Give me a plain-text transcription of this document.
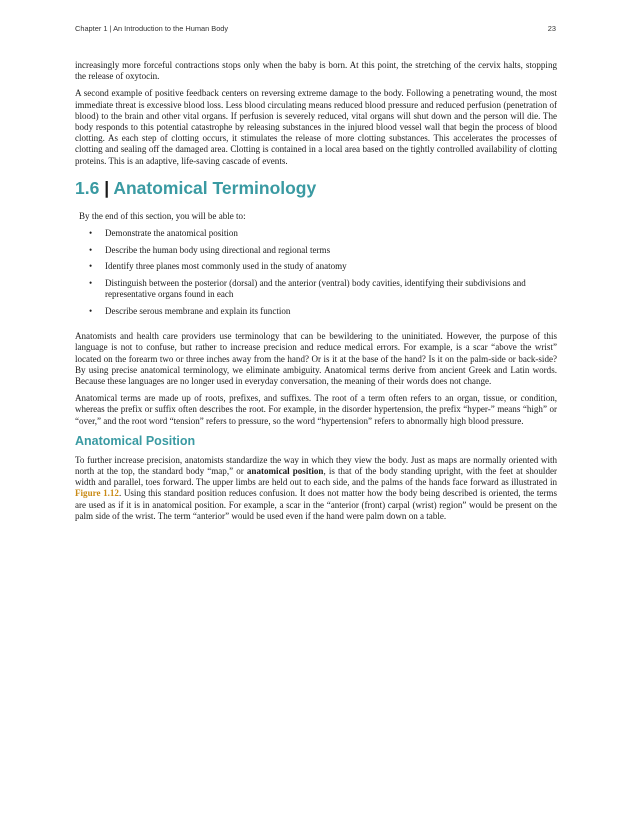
Chapter 1 | An Introduction to the Human Body	23

increasingly more forceful contractions stops only when the baby is born. At this point, the stretching of the cervix halts, stopping the release of oxytocin.

A second example of positive feedback centers on reversing extreme damage to the body. Following a penetrating wound, the most immediate threat is excessive blood loss. Less blood circulating means reduced blood pressure and reduced perfusion (penetration of blood) to the brain and other vital organs. If perfusion is severely reduced, vital organs will shut down and the person will die. The body responds to this potential catastrophe by releasing substances in the injured blood vessel wall that begin the process of blood clotting. As each step of clotting occurs, it stimulates the release of more clotting substances. This accelerates the processes of clotting and sealing off the damaged area. Clotting is contained in a local area based on the tightly controlled availability of clotting proteins. This is an adaptive, life-saving cascade of events.

1.6 | Anatomical Terminology
By the end of this section, you will be able to:
• Demonstrate the anatomical position
• Describe the human body using directional and regional terms
• Identify three planes most commonly used in the study of anatomy
• Distinguish between the posterior (dorsal) and the anterior (ventral) body cavities, identifying their subdivisions and representative organs found in each
• Describe serous membrane and explain its function

Anatomists and health care providers use terminology that can be bewildering to the uninitiated. However, the purpose of this language is not to confuse, but rather to increase precision and reduce medical errors. For example, is a scar “above the wrist” located on the forearm two or three inches away from the hand? Or is it at the base of the hand? Is it on the palm-side or back-side? By using precise anatomical terminology, we eliminate ambiguity. Anatomical terms derive from ancient Greek and Latin words. Because these languages are no longer used in everyday conversation, the meaning of their words does not change.

Anatomical terms are made up of roots, prefixes, and suffixes. The root of a term often refers to an organ, tissue, or condition, whereas the prefix or suffix often describes the root. For example, in the disorder hypertension, the prefix “hyper-” means “high” or “over,” and the root word “tension” refers to pressure, so the word “hypertension” refers to abnormally high blood pressure.

Anatomical Position

To further increase precision, anatomists standardize the way in which they view the body. Just as maps are normally oriented with north at the top, the standard body “map,” or anatomical position, is that of the body standing upright, with the feet at shoulder width and parallel, toes forward. The upper limbs are held out to each side, and the palms of the hands face forward as illustrated in Figure 1.12. Using this standard position reduces confusion. It does not matter how the body being described is oriented, the terms are used as if it is in anatomical position. For example, a scar in the “anterior (front) carpal (wrist) region” would be present on the palm side of the wrist. The term “anterior” would be used even if the hand were palm down on a table.
